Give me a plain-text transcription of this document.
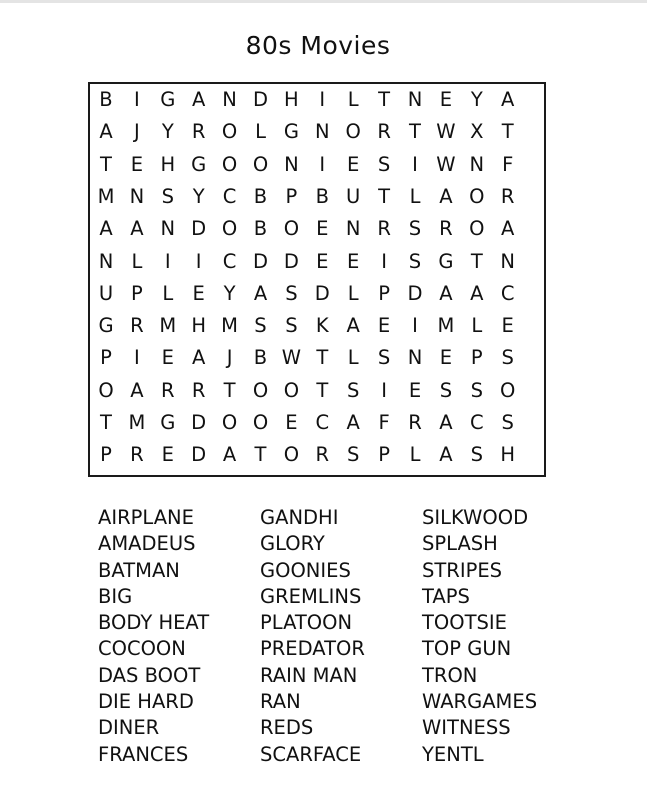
80s Movies
B	I	G A N D H	I	L	T N E Y A
A	J	Y R O L G N O R T W X T
T E H G O O N	I	E S	I W N F
M N S Y C B P B U T	L A O R
A A N D O B O E N R S R O A
N L	I	I	C D D E E	I	S G T N
U P	L E Y A S D L	P D A A C
G R M H M S S K A E	I	M L E
P	I	E A	J	B W T	L S N E P S
O A R R T O O T S	I	E S S O
T M G D O O E C A F R A C S
P R E D A T O R S P	L A S H
AIRPLANE
AMADEUS
BATMAN
BIG
BODY HEAT
COCOON
DAS BOOT
DIE HARD
DINER
FRANCES
GANDHI
GLORY
GOONIES
GREMLINS
PLATOON
PREDATOR
RAIN MAN
RAN
REDS
SCARFACE
SILKWOOD
SPLASH
STRIPES
TAPS
TOOTSIE
TOP GUN
TRON
WARGAMES
WITNESS
YENTL
